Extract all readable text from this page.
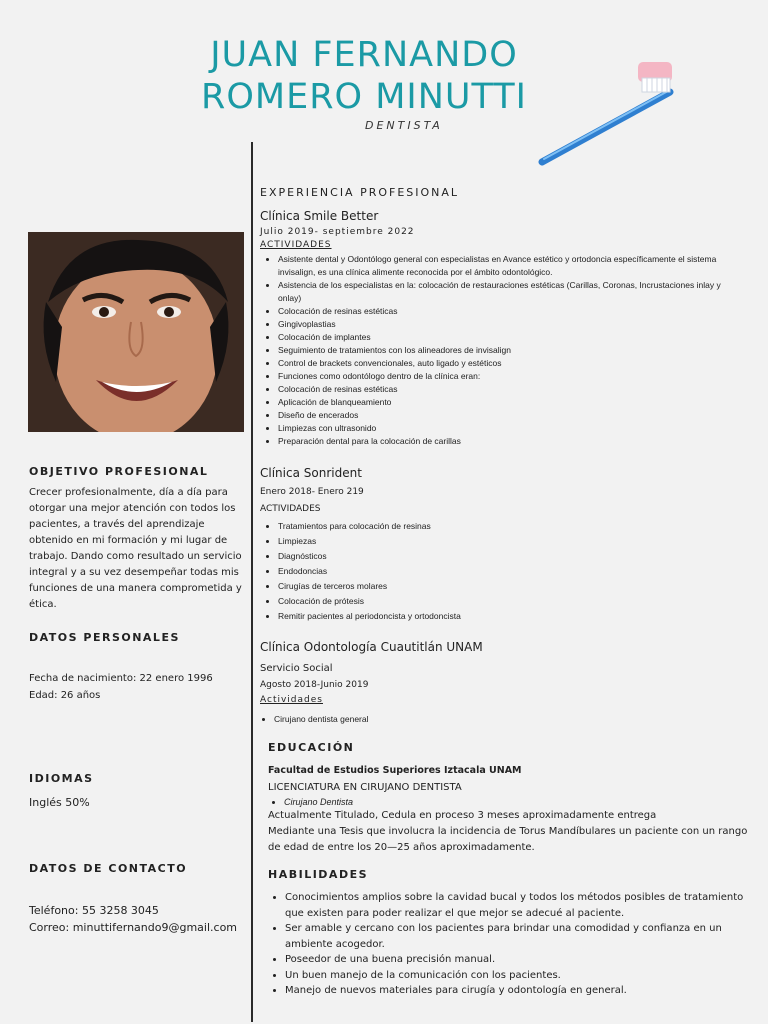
JUAN FERNANDO
ROMERO MINUTTI
DENTISTA
OBJETIVO PROFESIONAL
Crecer profesionalmente, día a día para otorgar una mejor atención con todos los pacientes, a través del aprendizaje obtenido en mi formación y mi lugar de trabajo. Dando como resultado un servicio integral y a su vez desempeñar todas mis funciones de una manera comprometida y ética.
DATOS PERSONALES
Fecha de nacimiento: 22 enero 1996
Edad: 26 años
IDIOMAS
Inglés 50%
DATOS DE CONTACTO
Teléfono: 55 3258 3045
Correo: minuttifernando9@gmail.com
EXPERIENCIA PROFESIONAL
Clínica Smile Better
Julio 2019- septiembre 2022
ACTIVIDADES
• Asistente dental y Odontólogo general con especialistas en Avance estético y ortodoncia específicamente el sistema invisalign, es una clínica alimente reconocida por el ámbito odontológico.
• Asistencia de los especialistas en la: colocación de restauraciones estéticas (Carillas, Coronas, Incrustaciones inlay y onlay)
• Colocación de resinas estéticas
• Gingivoplastias
• Colocación de implantes
• Seguimiento de tratamientos con los alineadores de invisalign
• Control de brackets convencionales, auto ligado y estéticos
• Funciones como odontólogo dentro de la clínica eran:
• Colocación de resinas estéticas
• Aplicación de blanqueamiento
• Diseño de encerados
• Limpiezas con ultrasonido
• Preparación dental para la colocación de carillas
Clínica Sonrident
Enero 2018- Enero 219
ACTIVIDADES
• Tratamientos para colocación de resinas
• Limpiezas
• Diagnósticos
• Endodoncias
• Cirugías de terceros molares
• Colocación de prótesis
• Remitir pacientes al periodoncista y ortodoncista
Clínica Odontología Cuautitlán UNAM
Servicio Social
Agosto 2018-Junio 2019
Actividades
• Cirujano dentista general
EDUCACIÓN
Facultad de Estudios Superiores Iztacala UNAM
LICENCIATURA EN CIRUJANO DENTISTA
• Cirujano Dentista
Actualmente Titulado, Cedula en proceso 3 meses aproximadamente entrega
Mediante una Tesis que involucra la incidencia de Torus Mandíbulares un paciente con un rango de edad de entre los 20—25 años aproximadamente.
HABILIDADES
• Conocimientos amplios sobre la cavidad bucal y todos los métodos posibles de tratamiento que existen para poder realizar el que mejor se adecué al paciente.
• Ser amable y cercano con los pacientes para brindar una comodidad y confianza en un ambiente acogedor.
• Poseedor de una buena precisión manual.
• Un buen manejo de la comunicación con los pacientes.
• Manejo de nuevos materiales para cirugía y odontología en general.
